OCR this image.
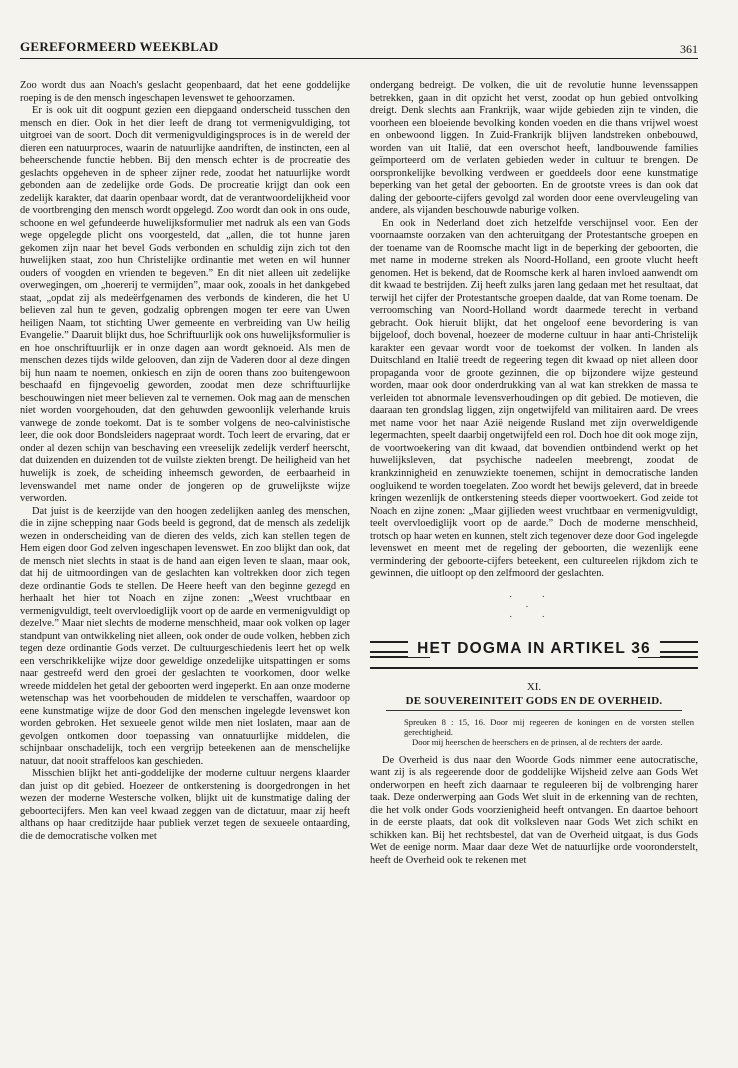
GEREFORMEERD WEEKBLAD	361

Zoo wordt dus aan Noach's geslacht geopenbaard, dat het eene goddelijke roeping is de den mensch ingeschapen levenswet te gehoorzamen.

Er is ook uit dit oogpunt gezien een diepgaand onderscheid tusschen den mensch en dier. Ook in het dier leeft de drang tot vermenigvuldiging, tot uitgroei van de soort. Doch dit vermenigvuldigingsproces is in de wereld der dieren een natuurproces, waarin de natuurlijke aandriften, de instincten, een al beheerschende functie hebben. Bij den mensch echter is de procreatie des geslachts opgeheven in de spheer zijner rede, zoodat het natuurlijke wordt gebonden aan de zedelijke orde Gods. De procreatie krijgt dan ook een zedelijk karakter, dat daarin openbaar wordt, dat de verantwoordelijkheid voor de voortbrenging den mensch wordt opgelegd. Zoo wordt dan ook in ons oude, schoone en wel gefundeerde huwelijksformulier met nadruk als een van Gods wege opgelegde plicht ons voorgesteld, dat „allen, die tot hunne jaren gekomen zijn naar het bevel Gods verbonden en schuldig zijn zich tot den huwelijken staat, zoo hun Christelijke ordinantie met weten en wil hunner ouders of voogden en vrienden te begeven.” En dit niet alleen uit zedelijke overwegingen, om „hoererij te vermijden”, maar ook, zooals in het dankgebed staat, „opdat zij als medeërfgenamen des verbonds de kinderen, die het U believen zal hun te geven, godzalig opbrengen mogen ter eere van Uwen heiligen Naam, tot stichting Uwer gemeente en verbreiding van Uw heilig Evangelie.” Daaruit blijkt dus, hoe Schriftuurlijk ook ons huwelijksformulier is en hoe onschriftuurlijk er in onze dagen aan wordt geknoeid. Als men de menschen dezes tijds wilde gelooven, dan zijn de Vaderen door al deze dingen bij hun naam te noemen, onkiesch en zijn de ooren thans zoo buitengewoon beschaafd en fijngevoelig geworden, zoodat men deze schriftuurlijke beschouwingen niet meer believen zal te vernemen. Ook mag aan de menschen niet worden voorgehouden, dat den gehuwden gewoonlijk velerhande kruis vanwege de zonde toekomt. Dat is te somber volgens de neo-calvinistische leer, die ook door Bondsleiders nagepraat wordt. Toch leert de ervaring, dat er onder al dezen schijn van beschaving een vreeselijk zedelijk verderf heerscht, dat duizenden en duizenden tot de vuilste ziekten brengt. De heiligheid van het huwelijk is zoek, de scheiding inheemsch geworden, de eerbaarheid in levenswandel met name onder de jongeren op de gruwelijkste wijze verworden.

Dat juist is de keerzijde van den hoogen zedelijken aanleg des menschen, die in zijne schepping naar Gods beeld is gegrond, dat de mensch als zedelijk wezen in onderscheiding van de dieren des velds, zich kan stellen tegen de Hem eigen door God zelven ingeschapen levenswet. En zoo blijkt dan ook, dat de mensch niet slechts in staat is de hand aan eigen leven te slaan, maar ook, dat hij de uitmoordingen van de geslachten kan voltrekken door zich tegen deze ordinantie Gods te stellen. De Heere heeft van den beginne gezegd en herhaalt het hier tot Noach en zijne zonen: „Weest vruchtbaar en vermenigvuldigt, teelt overvloediglijk voort op de aarde en vermenigvuldigt op dezelve.” Maar niet slechts de moderne menschheid, maar ook volken op lager standpunt van ontwikkeling niet alleen, ook onder de oude volken, hebben zich tegen deze ordinantie Gods verzet. De cultuurgeschiedenis leert het op welk een verschrikkelijke wijze door geweldige onzedelijke uitspattingen er soms naar gestreefd werd den groei der geslachten te voorkomen, door welke wreede middelen het getal der geboorten werd ingeperkt. En aan onze moderne wetenschap was het voorbehouden de middelen te verschaffen, waardoor op eene kunstmatige wijze de door God den menschen ingelegde levenswet kon worden gebroken. Het sexueele genot wilde men niet loslaten, maar aan de gevolgen ontkomen door toepassing van onnatuurlijke middelen, die schijnbaar onschadelijk, toch een vergrijp beteekenen aan de menschelijke natuur, dat nooit straffeloos kan geschieden.

Misschien blijkt het anti-goddelijke der moderne cultuur nergens klaarder dan juist op dit gebied. Hoezeer de ontkerstening is doorgedrongen in het wezen der moderne Westersche volken, blijkt uit de kunstmatige daling der geboortecijfers. Men kan veel kwaad zeggen van de dictatuur, maar zij heeft althans op haar creditzijde haar publiek verzet tegen de sexueele ontaarding, die de democratische volken met

ondergang bedreigt. De volken, die uit de revolutie hunne levenssappen betrekken, gaan in dit opzicht het verst, zoodat op hun gebied ontvolking dreigt. Denk slechts aan Frankrijk, waar wijde gebieden zijn te vinden, die voorheen een bloeiende bevolking konden voeden en die thans vrijwel woest en onbewoond liggen. In Zuid-Frankrijk blijven landstreken onbebouwd, worden van uit Italië, dat een overschot heeft, landbouwende families geïmporteerd om de verlaten gebieden weder in cultuur te brengen. De oorspronkelijke bevolking verdween er goeddeels door eene kunstmatige beperking van het getal der geboorten. En de grootste vrees is dan ook dat daling der geboorte-cijfers gevolgd zal worden door eene overvleugeling van andere, als vijanden beschouwde naburige volken.

En ook in Nederland doet zich hetzelfde verschijnsel voor. Een der voornaamste oorzaken van den achteruitgang der Protestantsche groepen en der toename van de Roomsche macht ligt in de beperking der geboorten, die met name in moderne streken als Noord-Holland, een groote vlucht heeft genomen. Het is bekend, dat de Roomsche kerk al haren invloed aanwendt om dit kwaad te bestrijden. Zij heeft zulks jaren lang gedaan met het resultaat, dat terwijl het cijfer der Protestantsche groepen daalde, dat van Rome toenam. De verroomsching van Noord-Holland wordt daarmede terecht in verband gebracht. Ook hieruit blijkt, dat het ongeloof eene bevordering is van bijgeloof, doch bovenal, hoezeer de moderne cultuur in haar anti-Christelijk karakter een gevaar wordt voor de toekomst der volken. In landen als Duitschland en Italië treedt de regeering tegen dit kwaad op niet alleen door propaganda voor de groote gezinnen, die op bijzondere wijze gesteund worden, maar ook door onderdrukking van al wat kan strekken de massa te verleiden tot abnormale levensverhoudingen op dit gebied. De motieven, die daaraan ten grondslag liggen, zijn ongetwijfeld van militairen aard. De vrees met name voor het naar Azië neigende Rusland met zijn overweldigende legermachten, speelt daarbij ongetwijfeld een rol. Doch hoe dit ook moge zijn, de voortwoekering van dit kwaad, dat bovendien ontbindend werkt op het huwelijksleven, dat psychische nadeelen meebrengt, zoodat de krankzinnigheid en zenuwziekte toenemen, schijnt in democratische landen oogluikend te worden toegelaten. Zoo wordt het bewijs geleverd, dat in breede kringen wezenlijk de ontkerstening steeds dieper voortwoekert. God zeide tot Noach en zijne zonen: „Maar gijlieden weest vruchtbaar en vermenigvuldigt, teelt overvloediglijk voort op de aarde.” Doch de moderne menschheid, trotsch op haar weten en kunnen, stelt zich tegenover deze door God ingelegde levenswet en meent met de regeling der geboorten, die wezenlijk eene vermindering der geboorte-cijfers beteekent, een cultureelen rijkdom zich te gewinnen, die uitloopt op den zelfmoord der geslachten.

. .
.
. .
HET DOGMA IN ARTIKEL 36
XI.
DE SOUVEREINITEIT GODS EN DE OVERHEID.

Spreuken 8 : 15, 16. Door mij regeeren de koningen en de vorsten stellen gerechtigheid.

Door mij heerschen de heerschers en de prinsen, al de rechters der aarde.

De Overheid is dus naar den Woorde Gods nimmer eene autocratische, want zij is als regeerende door de goddelijke Wijsheid zelve aan Gods Wet onderworpen en heeft zich daarnaar te reguleeren bij de volbrenging harer taak. Deze onderwerping aan Gods Wet sluit in de erkenning van de rechten, die het volk onder Gods voorzienigheid heeft ontvangen. En daartoe behoort in de eerste plaats, dat ook dit volksleven naar Gods Wet zich schikt en schikken kan. Bij het rechtsbestel, dat van de Overheid uitgaat, is dus Gods Wet de eenige norm. Maar daar deze Wet de natuurlijke orde vooronderstelt, heeft de Overheid ook te rekenen met
